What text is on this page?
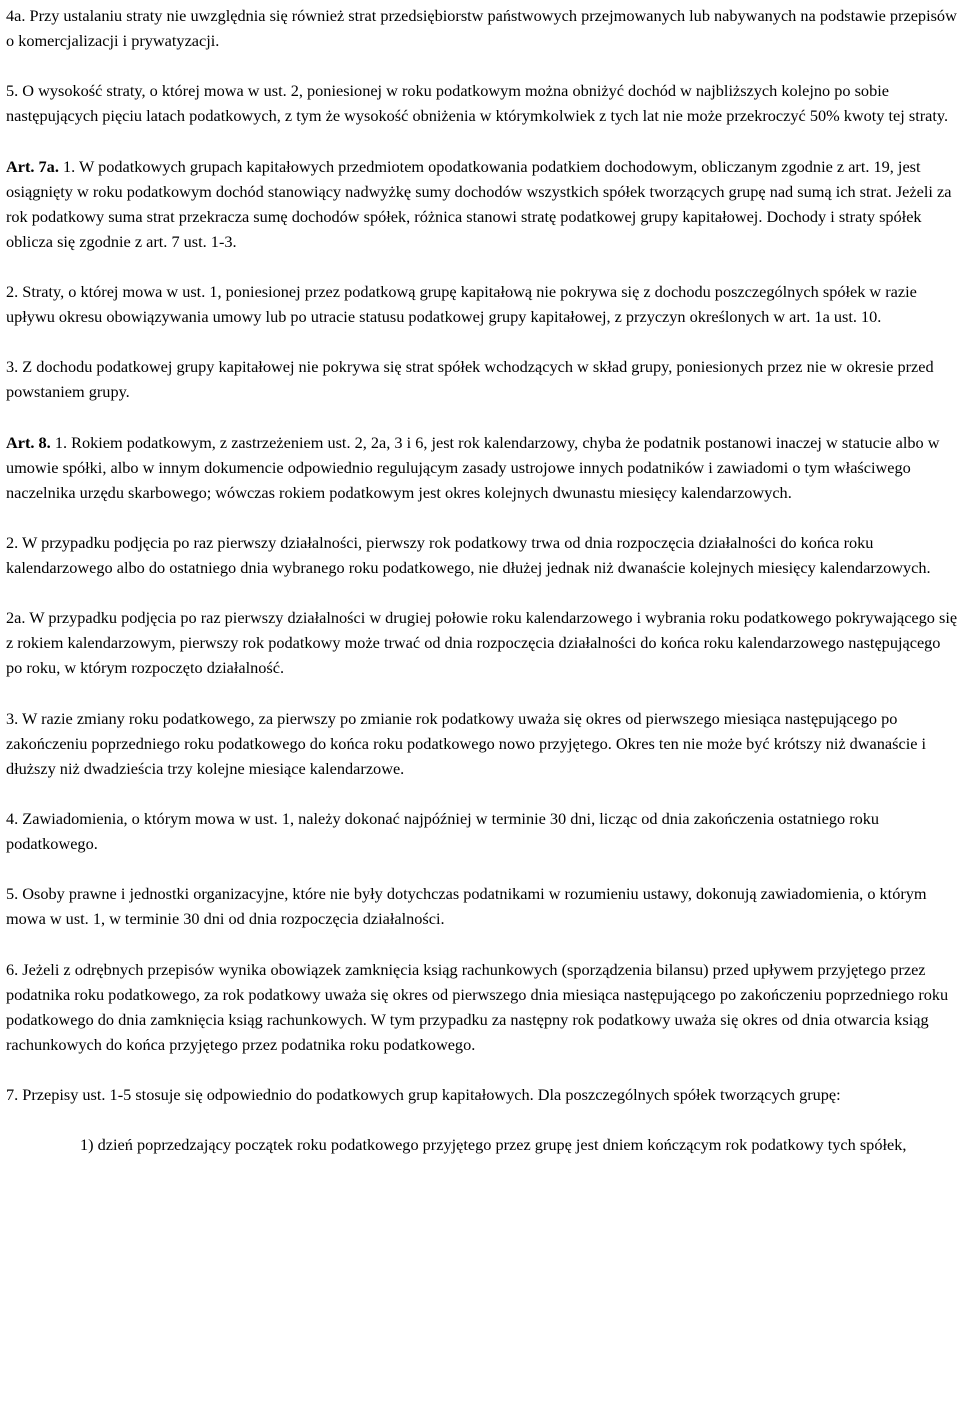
4a. Przy ustalaniu straty nie uwzględnia się również strat przedsiębiorstw państwowych przejmowanych lub nabywanych na podstawie przepisów o komercjalizacji i prywatyzacji.

5. O wysokość straty, o której mowa w ust. 2, poniesionej w roku podatkowym można obniżyć dochód w najbliższych kolejno po sobie następujących pięciu latach podatkowych, z tym że wysokość obniżenia w którymkolwiek z tych lat nie może przekroczyć 50% kwoty tej straty.

Art. 7a. 1. W podatkowych grupach kapitałowych przedmiotem opodatkowania podatkiem dochodowym, obliczanym zgodnie z art. 19, jest osiągnięty w roku podatkowym dochód stanowiący nadwyżkę sumy dochodów wszystkich spółek tworzących grupę nad sumą ich strat. Jeżeli za rok podatkowy suma strat przekracza sumę dochodów spółek, różnica stanowi stratę podatkowej grupy kapitałowej. Dochody i straty spółek oblicza się zgodnie z art. 7 ust. 1-3.

2. Straty, o której mowa w ust. 1, poniesionej przez podatkową grupę kapitałową nie pokrywa się z dochodu poszczególnych spółek w razie upływu okresu obowiązywania umowy lub po utracie statusu podatkowej grupy kapitałowej, z przyczyn określonych w art. 1a ust. 10.

3. Z dochodu podatkowej grupy kapitałowej nie pokrywa się strat spółek wchodzących w skład grupy, poniesionych przez nie w okresie przed powstaniem grupy.

Art. 8. 1. Rokiem podatkowym, z zastrzeżeniem ust. 2, 2a, 3 i 6, jest rok kalendarzowy, chyba że podatnik postanowi inaczej w statucie albo w umowie spółki, albo w innym dokumencie odpowiednio regulującym zasady ustrojowe innych podatników i zawiadomi o tym właściwego naczelnika urzędu skarbowego; wówczas rokiem podatkowym jest okres kolejnych dwunastu miesięcy kalendarzowych.

2. W przypadku podjęcia po raz pierwszy działalności, pierwszy rok podatkowy trwa od dnia rozpoczęcia działalności do końca roku kalendarzowego albo do ostatniego dnia wybranego roku podatkowego, nie dłużej jednak niż dwanaście kolejnych miesięcy kalendarzowych.

2a. W przypadku podjęcia po raz pierwszy działalności w drugiej połowie roku kalendarzowego i wybrania roku podatkowego pokrywającego się z rokiem kalendarzowym, pierwszy rok podatkowy może trwać od dnia rozpoczęcia działalności do końca roku kalendarzowego następującego po roku, w którym rozpoczęto działalność.

3. W razie zmiany roku podatkowego, za pierwszy po zmianie rok podatkowy uważa się okres od pierwszego miesiąca następującego po zakończeniu poprzedniego roku podatkowego do końca roku podatkowego nowo przyjętego. Okres ten nie może być krótszy niż dwanaście i dłuższy niż dwadzieścia trzy kolejne miesiące kalendarzowe.

4. Zawiadomienia, o którym mowa w ust. 1, należy dokonać najpóźniej w terminie 30 dni, licząc od dnia zakończenia ostatniego roku podatkowego.

5. Osoby prawne i jednostki organizacyjne, które nie były dotychczas podatnikami w rozumieniu ustawy, dokonują zawiadomienia, o którym mowa w ust. 1, w terminie 30 dni od dnia rozpoczęcia działalności.

6. Jeżeli z odrębnych przepisów wynika obowiązek zamknięcia ksiąg rachunkowych (sporządzenia bilansu) przed upływem przyjętego przez podatnika roku podatkowego, za rok podatkowy uważa się okres od pierwszego dnia miesiąca następującego po zakończeniu poprzedniego roku podatkowego do dnia zamknięcia ksiąg rachunkowych. W tym przypadku za następny rok podatkowy uważa się okres od dnia otwarcia ksiąg rachunkowych do końca przyjętego przez podatnika roku podatkowego.

7. Przepisy ust. 1-5 stosuje się odpowiednio do podatkowych grup kapitałowych. Dla poszczególnych spółek tworzących grupę:

1) dzień poprzedzający początek roku podatkowego przyjętego przez grupę jest dniem kończącym rok podatkowy tych spółek,
